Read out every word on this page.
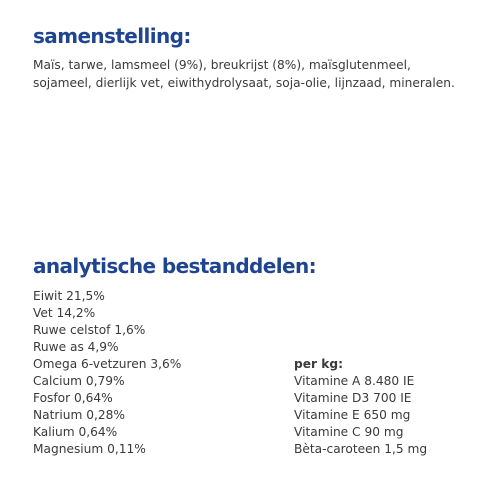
samenstelling:

Maïs, tarwe, lamsmeel (9%), breukrijst (8%), maïsglutenmeel, sojameel, dierlijk vet, eiwithydrolysaat, soja-olie, lijnzaad, mineralen.

analytische bestanddelen:
Eiwit 21,5%
Vet 14,2%
Ruwe celstof 1,6%
Ruwe as 4,9%
Omega 6-vetzuren 3,6%
Calcium 0,79%
Fosfor 0,64%
Natrium 0,28%
Kalium 0,64%
Magnesium 0,11%
per kg:
Vitamine A 8.480 IE
Vitamine D3 700 IE
Vitamine E 650 mg
Vitamine C 90 mg
Bèta-caroteen 1,5 mg
